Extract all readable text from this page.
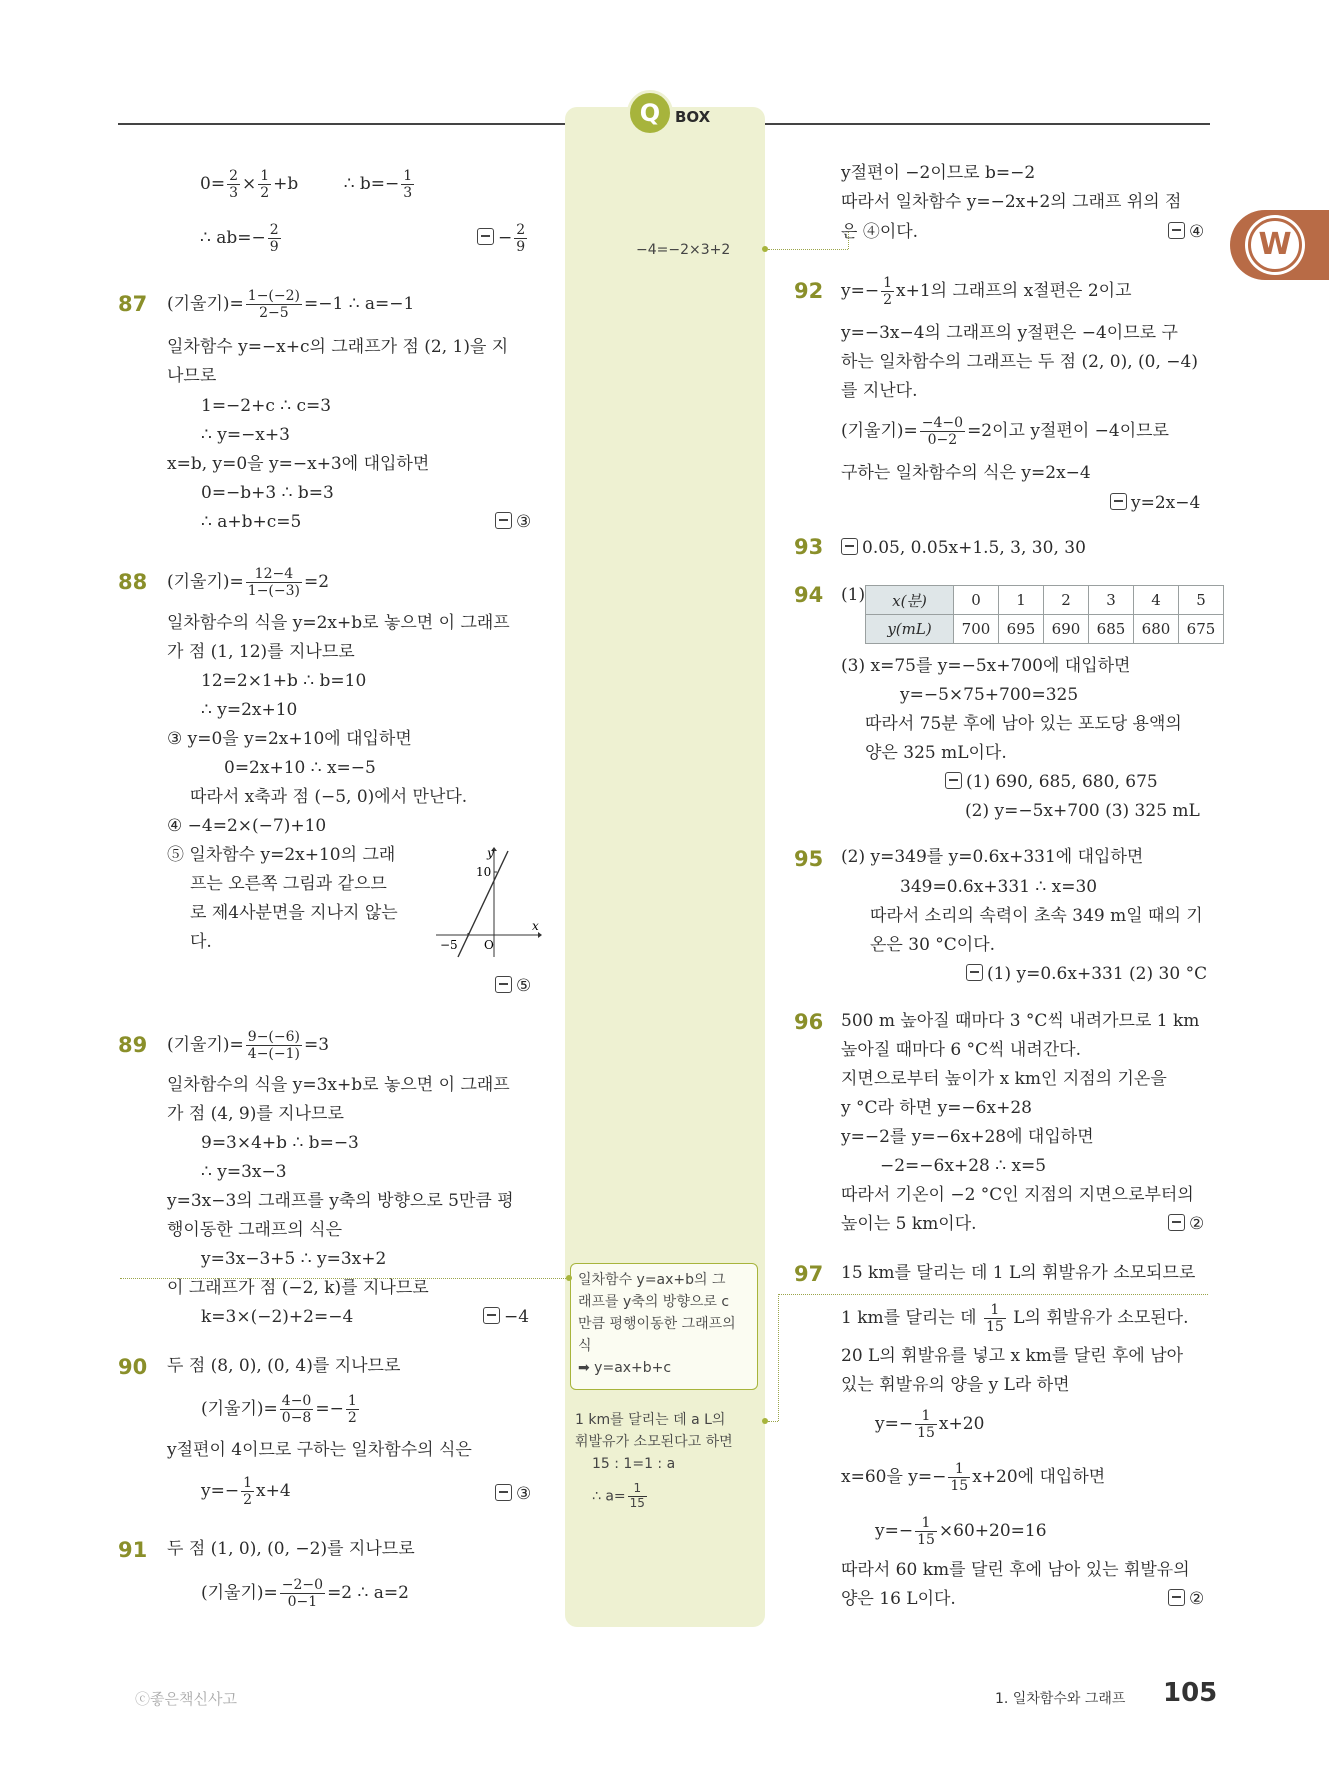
Q BOX
W
$0= \frac{2}{3} \times \frac{1}{2} +b$	∴ $b=- \frac{1}{3}$
∴ $ab=- \frac{2}{9}$	− $\frac{2}{9}$
87 (기울기)= $\frac{1-(-2)}{2-5} =-1$ ∴ a=−1
일차함수 y=−x+c의 그래프가 점 (2, 1)을 지
나므로
1=−2+c ∴ c=3
∴ y=−x+3
x=b, y=0을 y=−x+3에 대입하면
0=−b+3 ∴ b=3
∴ a+b+c=5	③
88 (기울기)= $\frac{12-4}{1-(-3)} =2$
일차함수의 식을 y=2x+b로 놓으면 이 그래프
가 점 (1, 12)를 지나므로
12=2×1+b ∴ b=10
∴ y=2x+10
③ y=0을 y=2x+10에 대입하면
0=2x+10 ∴ x=−5
따라서 x축과 점 (−5, 0)에서 만난다.
④ −4=2×(−7)+10
⑤ 일차함수 y=2x+10의 그래
프는 오른쪽 그림과 같으므
로 제4사분면을 지나지 않는
다.
y
10
x
−5 O
⑤
89 (기울기)= $\frac{9-(-6)}{4-(-1)} =3$
일차함수의 식을 y=3x+b로 놓으면 이 그래프
가 점 (4, 9)를 지나므로
9=3×4+b ∴ b=−3
∴ y=3x−3
y=3x−3의 그래프를 y축의 방향으로 5만큼 평
행이동한 그래프의 식은
y=3x−3+5 ∴ y=3x+2
이 그래프가 점 (−2, k)를 지나므로
k=3×(−2)+2=−4	−4
90 두 점 (8, 0), (0, 4)를 지나므로
(기울기)= $\frac{4-0}{0-8} =- \frac{1}{2}$
y절편이 4이므로 구하는 일차함수의 식은
$y=- \frac{1}{2} x+4$	③
91 두 점 (1, 0), (0, −2)를 지나므로
(기울기)= $\frac{-2-0}{0-1} =2$ ∴ a=2
−4=−2×3+2
일차함수 y=ax+b의 그
래프를 y축의 방향으로 c
만큼 평행이동한 그래프의
식
➡ y=ax+b+c
1 km를 달리는 데 a L의
휘발유가 소모된다고 하면
15 : 1=1 : a
∴ $a= \frac{1}{15}$
y절편이 −2이므로 b=−2
따라서 일차함수 y=−2x+2의 그래프 위의 점
은 ④이다.	④
92 $y=- \frac{1}{2} x+1$의 그래프의 x절편은 2이고
y=−3x−4의 그래프의 y절편은 −4이므로 구
하는 일차함수의 그래프는 두 점 (2, 0), (0, −4)
를 지난다.
(기울기)= $\frac{-4-0}{0-2} =2$이고 y절편이 −4이므로
구하는 일차함수의 식은 y=2x−4
y=2x−4
93	0.05, 0.05x+1.5, 3, 30, 30
94 (1) x(분)	0	1	2	3	4	5
y(mL)	700	695	690	685	680	675
(3) x=75를 y=−5x+700에 대입하면
y=−5×75+700=325
따라서 75분 후에 남아 있는 포도당 용액의
양은 325 mL이다.
(1) 690, 685, 680, 675
(2) y=−5x+700 (3) 325 mL
95 (2) y=349를 y=0.6x+331에 대입하면
349=0.6x+331 ∴ x=30
따라서 소리의 속력이 초속 349 m일 때의 기
온은 30 °C이다.
(1) y=0.6x+331 (2) 30 °C
96 500 m 높아질 때마다 3 °C씩 내려가므로 1 km
높아질 때마다 6 °C씩 내려간다.
지면으로부터 높이가 x km인 지점의 기온을
y °C라 하면 y=−6x+28
y=−2를 y=−6x+28에 대입하면
−2=−6x+28 ∴ x=5
따라서 기온이 −2 °C인 지점의 지면으로부터의
높이는 5 km이다.	②
97 15 km를 달리는 데 1 L의 휘발유가 소모되므로
1 km를 달리는 데 $\frac{1}{15}$ L의 휘발유가 소모된다.
20 L의 휘발유를 넣고 x km를 달린 후에 남아
있는 휘발유의 양을 y L라 하면
$y=- \frac{1}{15} x+20$
x=60을 $y=- \frac{1}{15} x+20$에 대입하면
$y=- \frac{1}{15} \times 60+20=16$
따라서 60 km를 달린 후에 남아 있는 휘발유의
양은 16 L이다.	②
ⓒ좋은책신사고	1. 일차함수와 그래프 105
